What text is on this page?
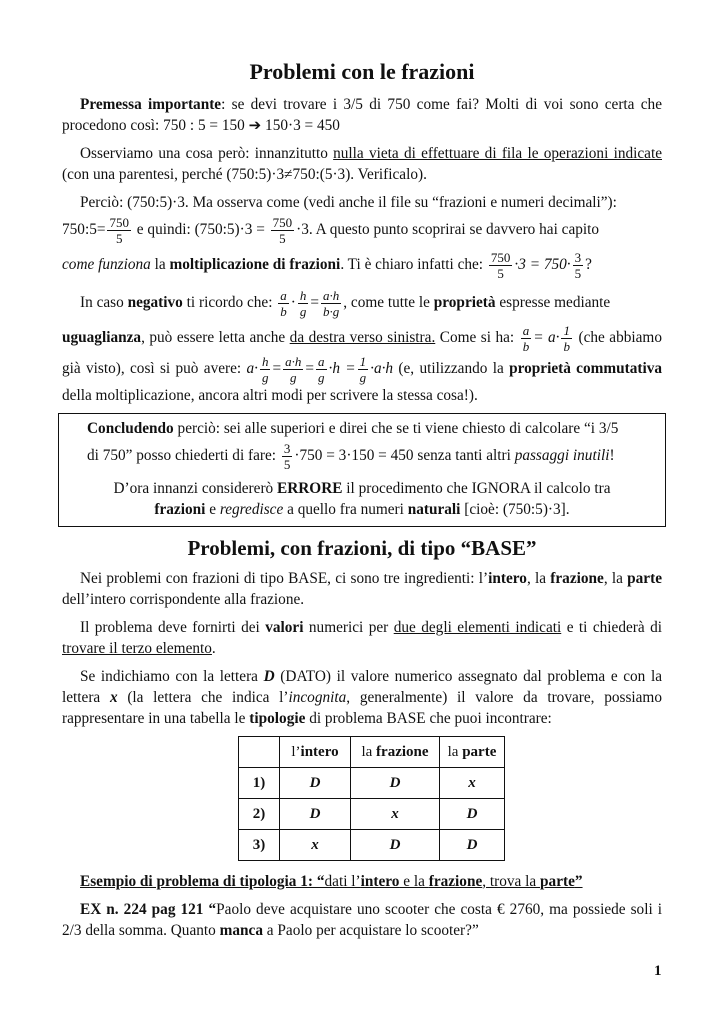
Problemi con le frazioni

Premessa importante: se devi trovare i 3/5 di 750 come fai? Molti di voi sono certa che procedono così: 750 : 5 = 150 ➔ 150·3 = 450

Osserviamo una cosa però: innanzitutto nulla vieta di effettuare di fila le operazioni indicate (con una parentesi, perché (750:5)·3≠750:(5·3). Verificalo).

Perciò: (750:5)·3. Ma osserva come (vedi anche il file su “frazioni e numeri decimali”):
750:5= $\frac{750}{5}$ e quindi: (750:5)·3 = $\frac{750}{5} \cdot 3$. A questo punto scoprirai se davvero hai capito
come funziona la moltiplicazione di frazioni. Ti è chiaro infatti che: $\frac{750}{5} \cdot 3 = 750\cdot \frac{3}{5}$ ?
In caso negativo ti ricordo che: $\frac{a}{b} \cdot \frac{h}{g} = \frac{a\cdot h}{b\cdot g}$ , come tutte le proprietà espresse mediante
uguaglianza, può essere letta anche da destra verso sinistra. Come si ha: $\frac{a}{b} = a\cdot \frac{1}{b} (che$ abbiamo già visto), così si può avere: $a\cdot \frac{h}{g} = \frac{a\cdot h}{g} = \frac{a}{g} \cdot h = \frac{1}{g} \cdot a\cdot h$ (e, utilizzando la proprietà commutativa della moltiplicazione, ancora altri modi per scrivere la stessa cosa!).
Concludendo perciò: sei alle superiori e direi che se ti viene chiesto di calcolare “i 3/5
di 750” posso chiederti di fare: $\frac{3}{5} \cdot 750 = 3\cdot 150 = 450$ senza tanti altri passaggi inutili!
D’ora innanzi considererò ERRORE il procedimento che IGNORA il calcolo tra
frazioni e regredisce a quello fra numeri naturali [cioè: (750:5)·3].
Problemi, con frazioni, di tipo “BASE”

Nei problemi con frazioni di tipo BASE, ci sono tre ingredienti: l’intero, la frazione, la parte dell’intero corrispondente alla frazione.

Il problema deve fornirti dei valori numerici per due degli elementi indicati e ti chiederà di trovare il terzo elemento.

Se indichiamo con la lettera D (DATO) il valore numerico assegnato dal problema e con la lettera x (la lettera che indica l’incognita, generalmente) il valore da trovare, possiamo rappresentare in una tabella le tipologie di problema BASE che puoi incontrare:

	l’intero	la frazione	la parte
1)	D	D	x
2)	D	x	D
3)	x	D	D

Esempio di problema di tipologia 1: “dati l’intero e la frazione, trova la parte”

EX n. 224 pag 121 “Paolo deve acquistare uno scooter che costa € 2760, ma possiede soli i 2/3 della somma. Quanto manca a Paolo per acquistare lo scooter?”

1
